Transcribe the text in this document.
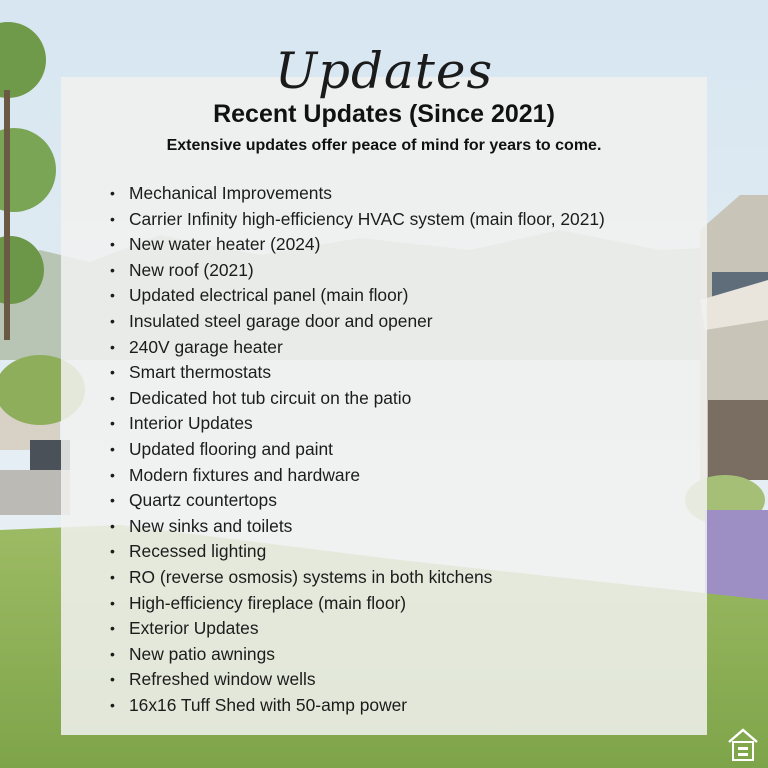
Updates
Recent Updates (Since 2021)
Extensive updates offer peace of mind for years to come.
• Mechanical Improvements
• Carrier Infinity high-efficiency HVAC system (main floor, 2021)
• New water heater (2024)
• New roof (2021)
• Updated electrical panel (main floor)
• Insulated steel garage door and opener
• 240V garage heater
• Smart thermostats
• Dedicated hot tub circuit on the patio
• Interior Updates
• Updated flooring and paint
• Modern fixtures and hardware
• Quartz countertops
• New sinks and toilets
• Recessed lighting
• RO (reverse osmosis) systems in both kitchens
• High-efficiency fireplace (main floor)
• Exterior Updates
• New patio awnings
• Refreshed window wells
• 16x16 Tuff Shed with 50-amp power
